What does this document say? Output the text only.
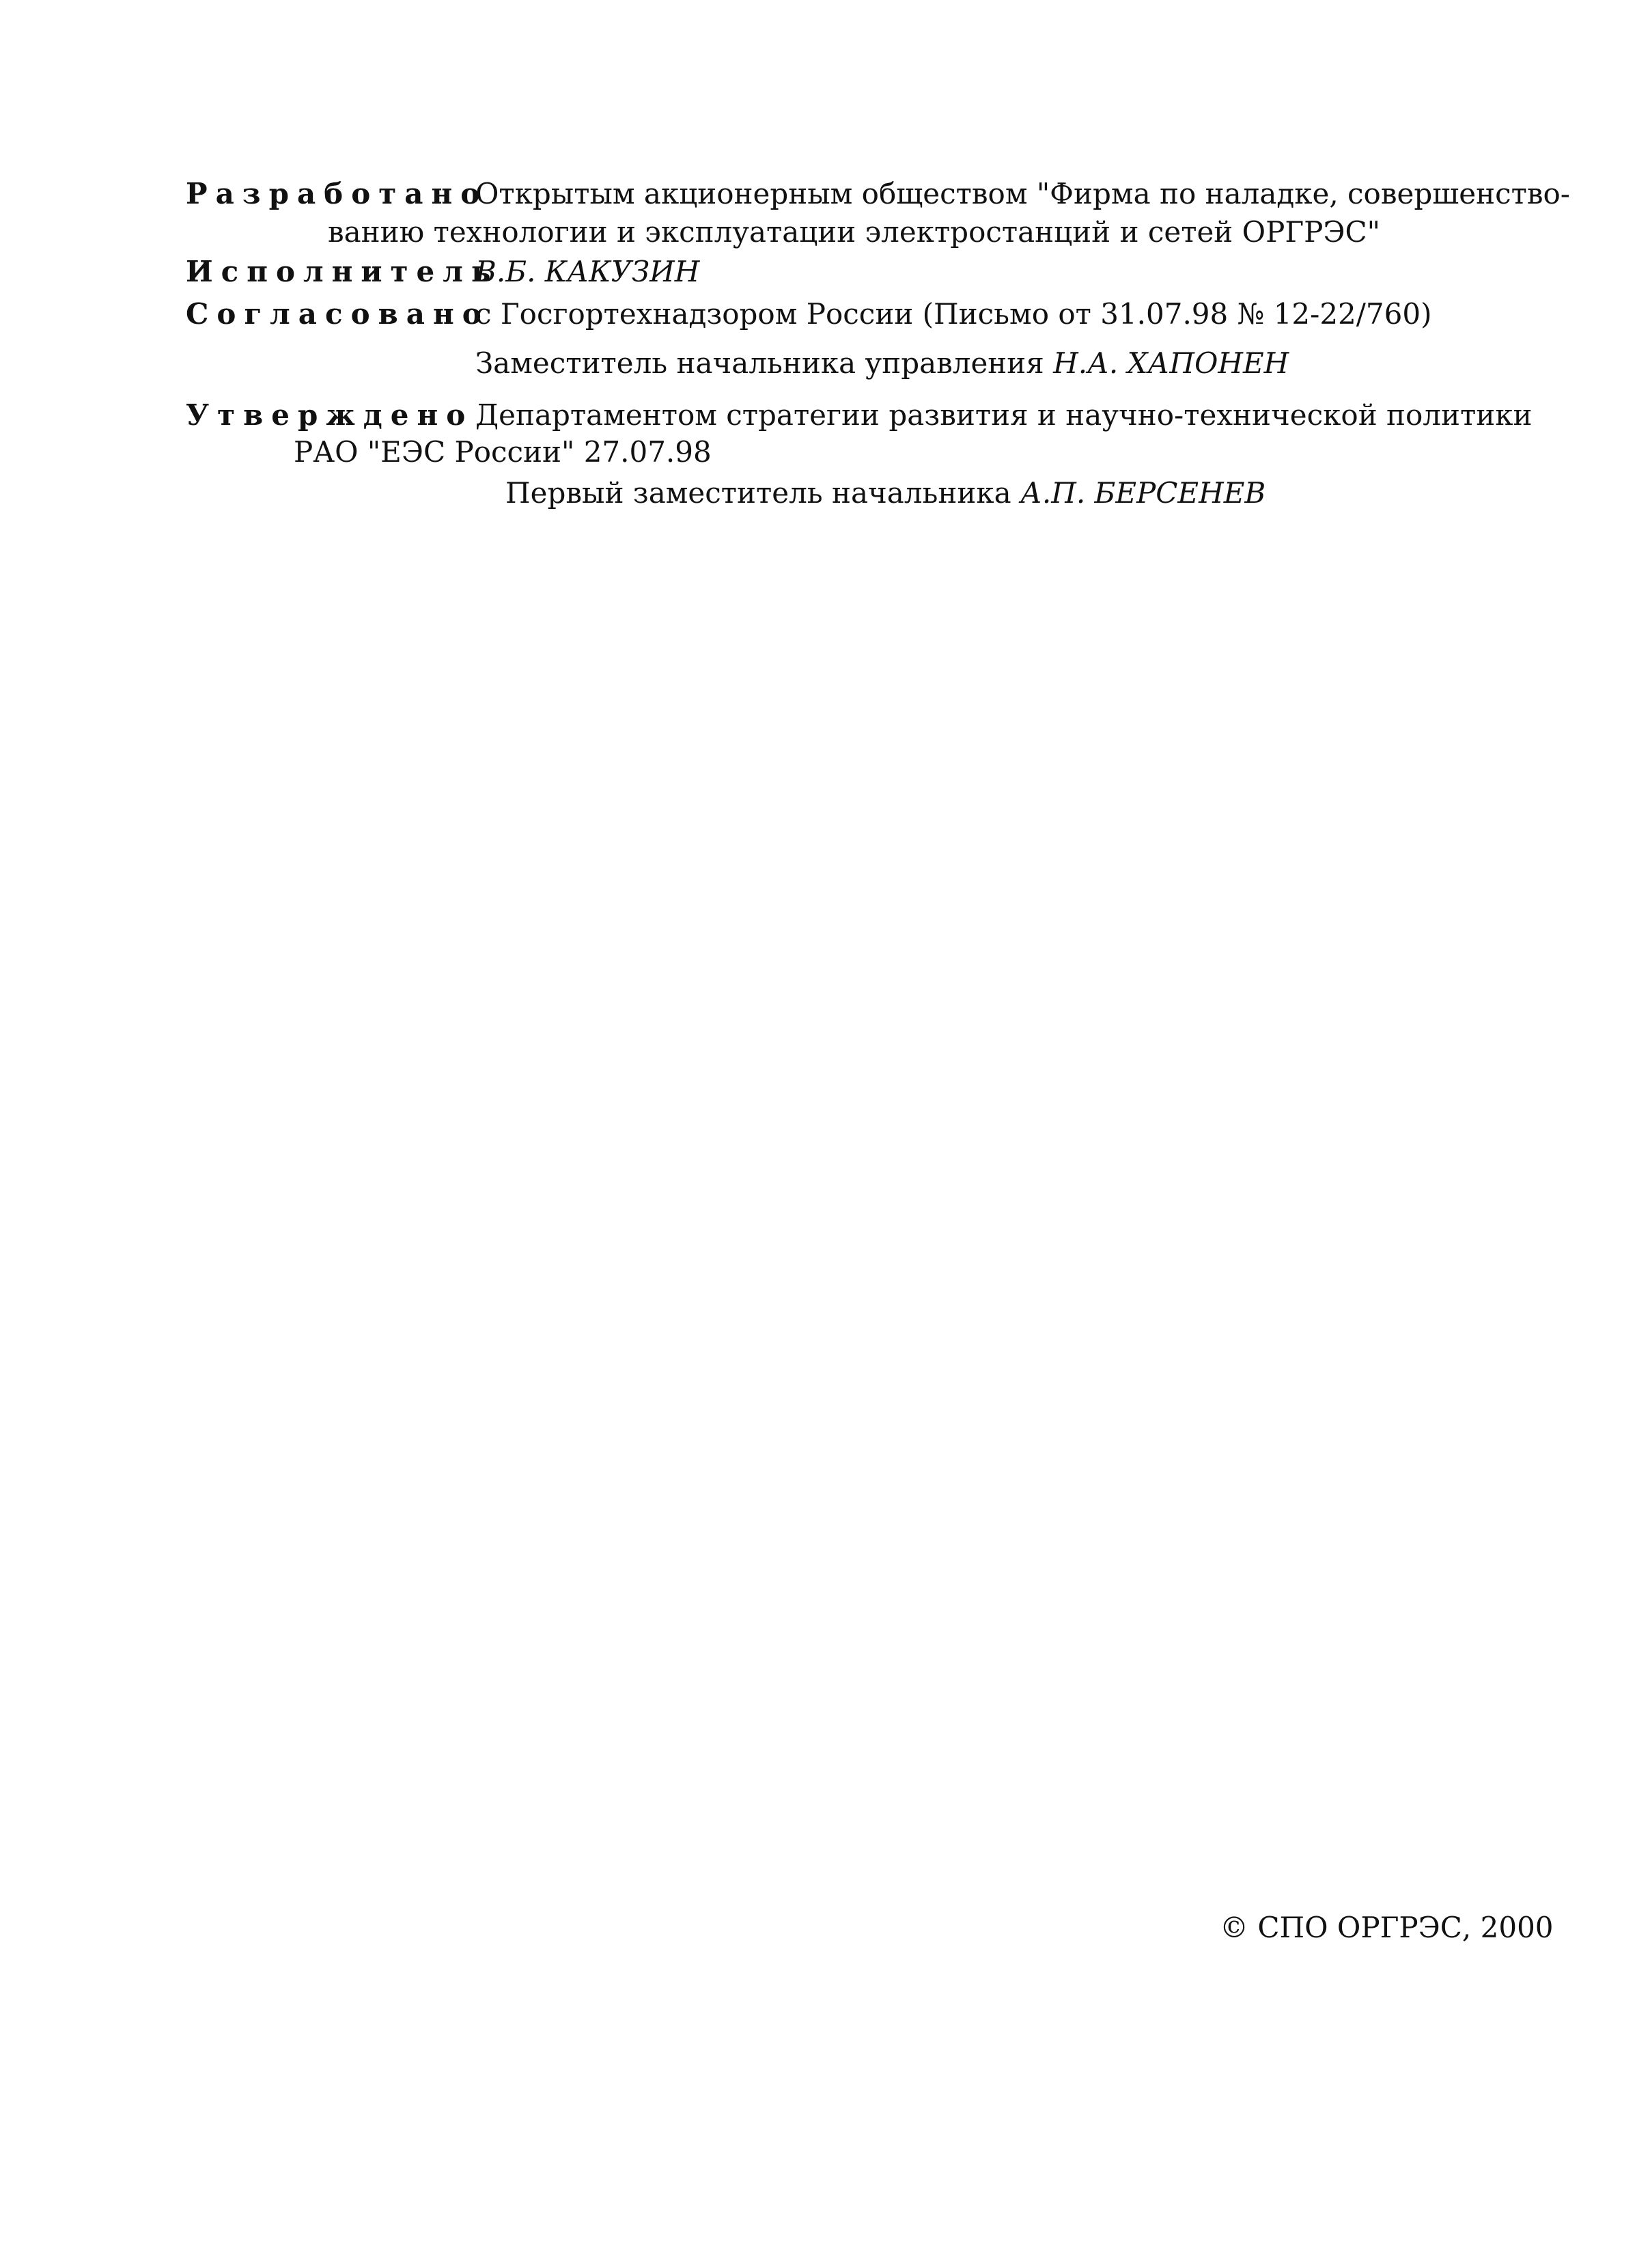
РазработаноОткрытым акционерным обществом "Фирма по наладке, совершенство-
ванию технологии и эксплуатации электростанций и сетей ОРГРЭС"
ИсполнительВ.Б. КАКУЗИН
Согласованос Госгортехнадзором России (Письмо от 31.07.98 № 12-22/760)
Заместитель начальника управления Н.А. ХАПОНЕН
УтвержденоДепартаментом стратегии развития и научно-технической политики
РАО "ЕЭС России" 27.07.98
Первый заместитель начальника А.П. БЕРСЕНЕВ
© СПО ОРГРЭС, 2000
